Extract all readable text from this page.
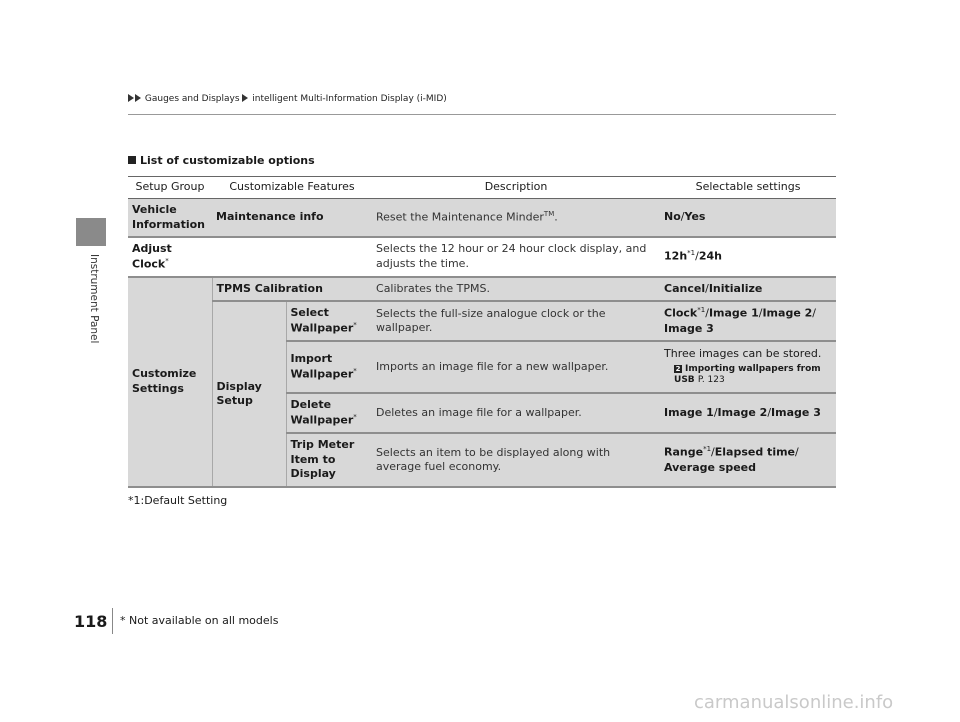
Instrument Panel
Gauges and Displays intelligent Multi-Information Display (i-MID)
List of customizable options
Setup Group	Customizable Features		Description	Selectable settings
Vehicle Information	Maintenance info		Reset the Maintenance Minder™.	No/Yes
Adjust Clock*			Selects the 12 hour or 24 hour clock display, and adjusts the time.	$12h^{*1}/24h$
Customize Settings	TPMS Calibration		Calibrates the TPMS.	Cancel/Initialize
	Display Setup	Select Wallpaper*	Selects the full-size analogue clock or the wallpaper.	Clock$^{*1}$/Image 1/Image 2/ Image 3
		Import Wallpaper*	Imports an image file for a new wallpaper.	Three images can be stored.
2 Importing wallpapers from USB P. 123

		Delete Wallpaper*	Deletes an image file for a wallpaper.	Image 1/Image 2/Image 3
		Trip Meter Item to Display	Selects an item to be displayed along with average fuel economy.	Range$^{*1}$/Elapsed time/ Average speed
*1:Default Setting
118 * Not available on all models
carmanualsonline.info
